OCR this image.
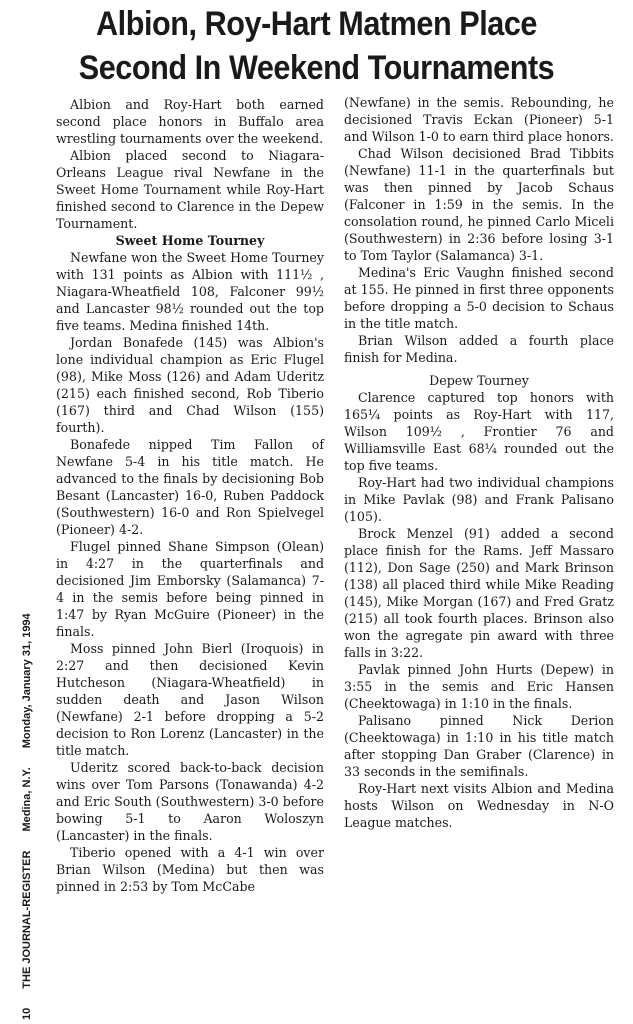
Albion, Roy-Hart Matmen Place
Second In Weekend Tournaments
10 THE JOURNAL-REGISTER Medina, N.Y. Monday, January 31, 1994

Albion and Roy-Hart both earned second place honors in Buffalo area wrestling tournaments over the weekend.

Albion placed second to Niagara-Orleans League rival Newfane in the Sweet Home Tournament while Roy-Hart finished second to Clarence in the Depew Tournament.

Sweet Home Tourney

Newfane won the Sweet Home Tourney with 131 points as Albion with 111½ , Niagara-Wheatfield 108, Falconer 99½ and Lancaster 98½ rounded out the top five teams. Medina finished 14th.

Jordan Bonafede (145) was Albion's lone individual champion as Eric Flugel (98), Mike Moss (126) and Adam Uderitz (215) each finished second, Rob Tiberio (167) third and Chad Wilson (155) fourth).

Bonafede nipped Tim Fallon of Newfane 5-4 in his title match. He advanced to the finals by decisioning Bob Besant (Lancaster) 16-0, Ruben Paddock (Southwestern) 16-0 and Ron Spielvegel (Pioneer) 4-2.

Flugel pinned Shane Simpson (Olean) in 4:27 in the quarterfinals and decisioned Jim Emborsky (Salamanca) 7-4 in the semis before being pinned in 1:47 by Ryan McGuire (Pioneer) in the finals.

Moss pinned John Bierl (Iroquois) in 2:27 and then decisioned Kevin Hutcheson (Niagara-Wheatfield) in sudden death and Jason Wilson (Newfane) 2-1 before dropping a 5-2 decision to Ron Lorenz (Lancaster) in the title match.

Uderitz scored back-to-back decision wins over Tom Parsons (Tonawanda) 4-2 and Eric South (Southwestern) 3-0 before bowing 5-1 to Aaron Woloszyn (Lancaster) in the finals.

Tiberio opened with a 4-1 win over Brian Wilson (Medina) but then was pinned in 2:53 by Tom McCabe

(Newfane) in the semis. Rebounding, he decisioned Travis Eckan (Pioneer) 5-1 and Wilson 1-0 to earn third place honors.

Chad Wilson decisioned Brad Tibbits (Newfane) 11-1 in the quarterfinals but was then pinned by Jacob Schaus (Falconer in 1:59 in the semis. In the consolation round, he pinned Carlo Miceli (Southwestern) in 2:36 before losing 3-1 to Tom Taylor (Salamanca) 3-1.

Medina's Eric Vaughn finished second at 155. He pinned in first three opponents before dropping a 5-0 decision to Schaus in the title match.

Brian Wilson added a fourth place finish for Medina.

Depew Tourney

Clarence captured top honors with 165¼ points as Roy-Hart with 117, Wilson 109½ , Frontier 76 and Williamsville East 68¼ rounded out the top five teams.

Roy-Hart had two individual champions in Mike Pavlak (98) and Frank Palisano (105).

Brock Menzel (91) added a second place finish for the Rams. Jeff Massaro (112), Don Sage (250) and Mark Brinson (138) all placed third while Mike Reading (145), Mike Morgan (167) and Fred Gratz (215) all took fourth places. Brinson also won the agregate pin award with three falls in 3:22.

Pavlak pinned John Hurts (Depew) in 3:55 in the semis and Eric Hansen (Cheektowaga) in 1:10 in the finals.

Palisano pinned Nick Derion (Cheektowaga) in 1:10 in his title match after stopping Dan Graber (Clarence) in 33 seconds in the semifinals.

Roy-Hart next visits Albion and Medina hosts Wilson on Wednesday in N-O League matches.
